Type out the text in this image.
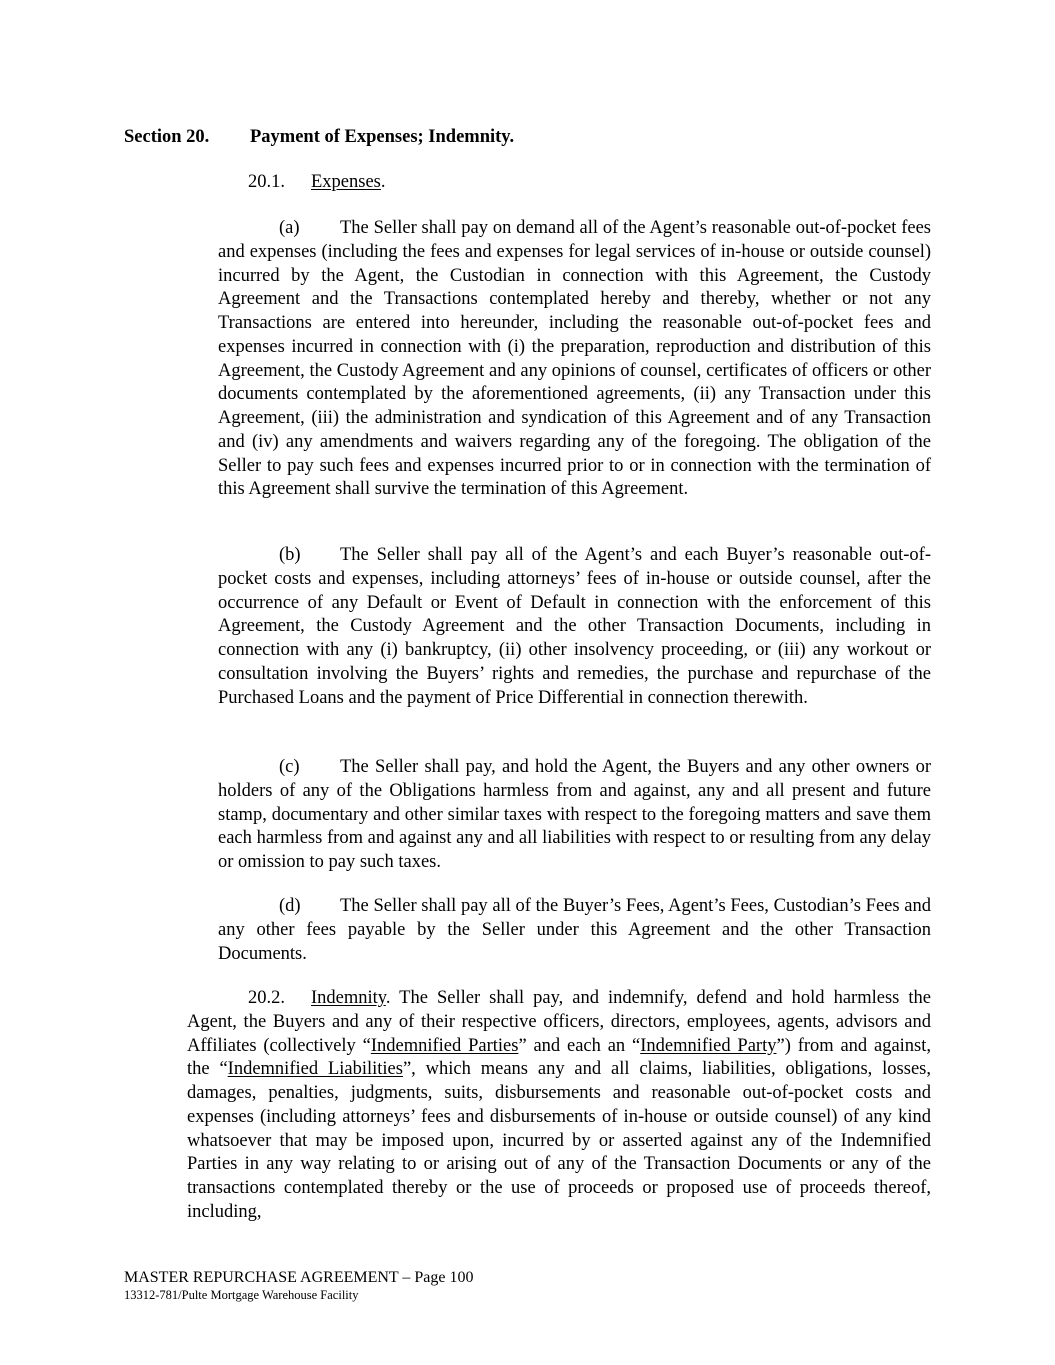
Section 20. Payment of Expenses; Indemnity.
20.1. Expenses.
(a) The Seller shall pay on demand all of the Agent’s reasonable out-of-pocket fees and expenses (including the fees and expenses for legal services of in-house or outside counsel) incurred by the Agent, the Custodian in connection with this Agreement, the Custody Agreement and the Transactions contemplated hereby and thereby, whether or not any Transactions are entered into hereunder, including the reasonable out-of-pocket fees and expenses incurred in connection with (i) the preparation, reproduction and distribution of this Agreement, the Custody Agreement and any opinions of counsel, certificates of officers or other documents contemplated by the aforementioned agreements, (ii) any Transaction under this Agreement, (iii) the administration and syndication of this Agreement and of any Transaction and (iv) any amendments and waivers regarding any of the foregoing. The obligation of the Seller to pay such fees and expenses incurred prior to or in connection with the termination of this Agreement shall survive the termination of this Agreement.
(b) The Seller shall pay all of the Agent’s and each Buyer’s reasonable out-of-pocket costs and expenses, including attorneys’ fees of in-house or outside counsel, after the occurrence of any Default or Event of Default in connection with the enforcement of this Agreement, the Custody Agreement and the other Transaction Documents, including in connection with any (i) bankruptcy, (ii) other insolvency proceeding, or (iii) any workout or consultation involving the Buyers’ rights and remedies, the purchase and repurchase of the Purchased Loans and the payment of Price Differential in connection therewith.
(c) The Seller shall pay, and hold the Agent, the Buyers and any other owners or holders of any of the Obligations harmless from and against, any and all present and future stamp, documentary and other similar taxes with respect to the foregoing matters and save them each harmless from and against any and all liabilities with respect to or resulting from any delay or omission to pay such taxes.
(d) The Seller shall pay all of the Buyer’s Fees, Agent’s Fees, Custodian’s Fees and any other fees payable by the Seller under this Agreement and the other Transaction Documents.
20.2. Indemnity. The Seller shall pay, and indemnify, defend and hold harmless the Agent, the Buyers and any of their respective officers, directors, employees, agents, advisors and Affiliates (collectively “Indemnified Parties” and each an “Indemnified Party”) from and against, the “Indemnified Liabilities”, which means any and all claims, liabilities, obligations, losses, damages, penalties, judgments, suits, disbursements and reasonable out-of-pocket costs and expenses (including attorneys’ fees and disbursements of in-house or outside counsel) of any kind whatsoever that may be imposed upon, incurred by or asserted against any of the Indemnified Parties in any way relating to or arising out of any of the Transaction Documents or any of the transactions contemplated thereby or the use of proceeds or proposed use of proceeds thereof, including,
MASTER REPURCHASE AGREEMENT – Page 100
13312-781/Pulte Mortgage Warehouse Facility
